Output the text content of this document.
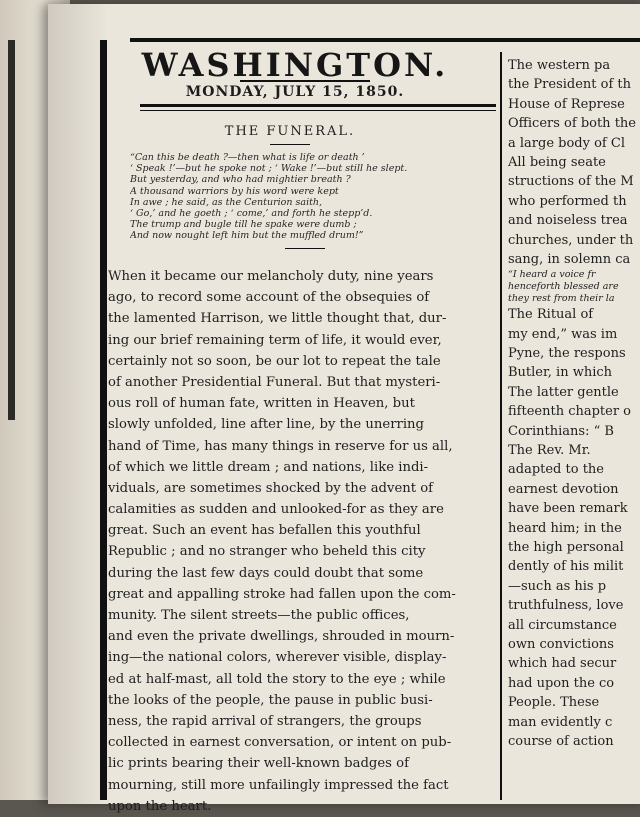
WASHINGTON.
MONDAY, JULY 15, 1850.
THE FUNERAL.
“Can this be death ?—then what is life or death ’
‘ Speak !’—but he spoke not ; ‘ Wake !’—but still he slept.
But yesterday, and who had mightier breath ?
A thousand warriors by his word were kept
In awe ; he said, as the Centurion saith,
‘ Go,’ and he goeth ; ‘ come,’ and forth he stepp’d.
The trump and bugle till he spake were dumb ;
And now nought left him but the muffled drum!”
When it became our melancholy duty, nine years
ago, to record some account of the obsequies of
the lamented Harrison, we little thought that, dur-
ing our brief remaining term of life, it would ever,
certainly not so soon, be our lot to repeat the tale
of another Presidential Funeral. But that mysteri-
ous roll of human fate, written in Heaven, but
slowly unfolded, line after line, by the unerring
hand of Time, has many things in reserve for us all,
of which we little dream ; and nations, like indi-
viduals, are sometimes shocked by the advent of
calamities as sudden and unlooked-for as they are
great. Such an event has befallen this youthful
Republic ; and no stranger who beheld this city
during the last few days could doubt that some
great and appalling stroke had fallen upon the com-
munity. The silent streets—the public offices,
and even the private dwellings, shrouded in mourn-
ing—the national colors, wherever visible, display-
ed at half-mast, all told the story to the eye ; while
the looks of the people, the pause in public busi-
ness, the rapid arrival of strangers, the groups
collected in earnest conversation, or intent on pub-
lic prints bearing their well-known badges of
mourning, still more unfailingly impressed the fact
upon the heart.
The western pa
the President of th
House of Represe
Officers of both the
a large body of Cl
All being seate
structions of the M
who performed th
and noiseless trea
churches, under th
sang, in solemn ca
“I heard a voice fr
henceforth blessed are
they rest from their la
The Ritual of
my end,” was im
Pyne, the respons
Butler, in which
The latter gentle
fifteenth chapter o
Corinthians: “ B
The Rev. Mr.
adapted to the
earnest devotion
have been remark
heard him; in the
the high personal
dently of his milit
—such as his p
truthfulness, love
all circumstance
own convictions
which had secur
had upon the co
People. These
man evidently c
course of action
